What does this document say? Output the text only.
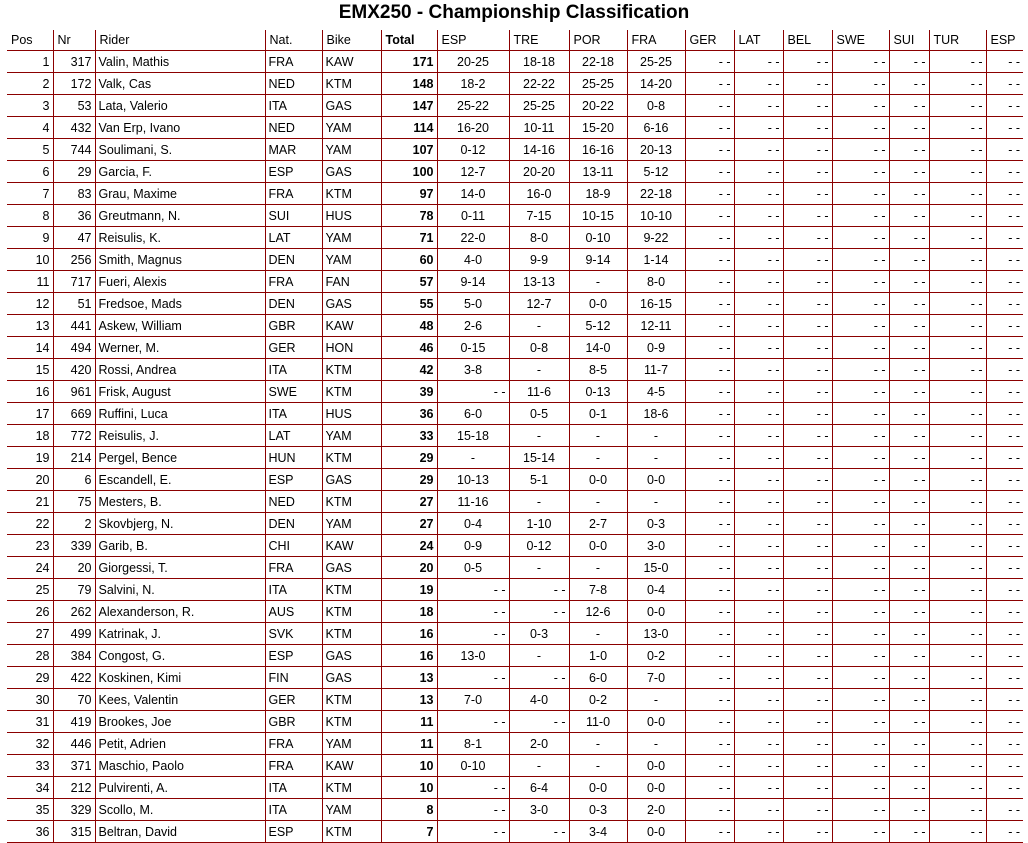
EMX250 - Championship Classification
Pos	Nr	Rider	Nat.	Bike	Total	ESP	TRE	POR	FRA	GER	LAT	BEL	SWE	SUI	TUR	ESP
1	317	Valin, Mathis	FRA	KAW	171	20-25	18-18	22-18	25-25	- -	- -	- -	- -	- -	- -	- -
2	172	Valk, Cas	NED	KTM	148	18-2	22-22	25-25	14-20	- -	- -	- -	- -	- -	- -	- -
3	53	Lata, Valerio	ITA	GAS	147	25-22	25-25	20-22	0-8	- -	- -	- -	- -	- -	- -	- -
4	432	Van Erp, Ivano	NED	YAM	114	16-20	10-11	15-20	6-16	- -	- -	- -	- -	- -	- -	- -
5	744	Soulimani, S.	MAR	YAM	107	0-12	14-16	16-16	20-13	- -	- -	- -	- -	- -	- -	- -
6	29	Garcia, F.	ESP	GAS	100	12-7	20-20	13-11	5-12	- -	- -	- -	- -	- -	- -	- -
7	83	Grau, Maxime	FRA	KTM	97	14-0	16-0	18-9	22-18	- -	- -	- -	- -	- -	- -	- -
8	36	Greutmann, N.	SUI	HUS	78	0-11	7-15	10-15	10-10	- -	- -	- -	- -	- -	- -	- -
9	47	Reisulis, K.	LAT	YAM	71	22-0	8-0	0-10	9-22	- -	- -	- -	- -	- -	- -	- -
10	256	Smith, Magnus	DEN	YAM	60	4-0	9-9	9-14	1-14	- -	- -	- -	- -	- -	- -	- -
11	717	Fueri, Alexis	FRA	FAN	57	9-14	13-13	-	8-0	- -	- -	- -	- -	- -	- -	- -
12	51	Fredsoe, Mads	DEN	GAS	55	5-0	12-7	0-0	16-15	- -	- -	- -	- -	- -	- -	- -
13	441	Askew, William	GBR	KAW	48	2-6	-	5-12	12-11	- -	- -	- -	- -	- -	- -	- -
14	494	Werner, M.	GER	HON	46	0-15	0-8	14-0	0-9	- -	- -	- -	- -	- -	- -	- -
15	420	Rossi, Andrea	ITA	KTM	42	3-8	-	8-5	11-7	- -	- -	- -	- -	- -	- -	- -
16	961	Frisk, August	SWE	KTM	39	- -	11-6	0-13	4-5	- -	- -	- -	- -	- -	- -	- -
17	669	Ruffini, Luca	ITA	HUS	36	6-0	0-5	0-1	18-6	- -	- -	- -	- -	- -	- -	- -
18	772	Reisulis, J.	LAT	YAM	33	15-18	-	-	-	- -	- -	- -	- -	- -	- -	- -
19	214	Pergel, Bence	HUN	KTM	29	-	15-14	-	-	- -	- -	- -	- -	- -	- -	- -
20	6	Escandell, E.	ESP	GAS	29	10-13	5-1	0-0	0-0	- -	- -	- -	- -	- -	- -	- -
21	75	Mesters, B.	NED	KTM	27	11-16	-	-	-	- -	- -	- -	- -	- -	- -	- -
22	2	Skovbjerg, N.	DEN	YAM	27	0-4	1-10	2-7	0-3	- -	- -	- -	- -	- -	- -	- -
23	339	Garib, B.	CHI	KAW	24	0-9	0-12	0-0	3-0	- -	- -	- -	- -	- -	- -	- -
24	20	Giorgessi, T.	FRA	GAS	20	0-5	-	-	15-0	- -	- -	- -	- -	- -	- -	- -
25	79	Salvini, N.	ITA	KTM	19	- -	- -	7-8	0-4	- -	- -	- -	- -	- -	- -	- -
26	262	Alexanderson, R.	AUS	KTM	18	- -	- -	12-6	0-0	- -	- -	- -	- -	- -	- -	- -
27	499	Katrinak, J.	SVK	KTM	16	- -	0-3	-	13-0	- -	- -	- -	- -	- -	- -	- -
28	384	Congost, G.	ESP	GAS	16	13-0	-	1-0	0-2	- -	- -	- -	- -	- -	- -	- -
29	422	Koskinen, Kimi	FIN	GAS	13	- -	- -	6-0	7-0	- -	- -	- -	- -	- -	- -	- -
30	70	Kees, Valentin	GER	KTM	13	7-0	4-0	0-2	-	- -	- -	- -	- -	- -	- -	- -
31	419	Brookes, Joe	GBR	KTM	11	- -	- -	11-0	0-0	- -	- -	- -	- -	- -	- -	- -
32	446	Petit, Adrien	FRA	YAM	11	8-1	2-0	-	-	- -	- -	- -	- -	- -	- -	- -
33	371	Maschio, Paolo	FRA	KAW	10	0-10	-	-	0-0	- -	- -	- -	- -	- -	- -	- -
34	212	Pulvirenti, A.	ITA	KTM	10	- -	6-4	0-0	0-0	- -	- -	- -	- -	- -	- -	- -
35	329	Scollo, M.	ITA	YAM	8	- -	3-0	0-3	2-0	- -	- -	- -	- -	- -	- -	- -
36	315	Beltran, David	ESP	KTM	7	- -	- -	3-4	0-0	- -	- -	- -	- -	- -	- -	- -
